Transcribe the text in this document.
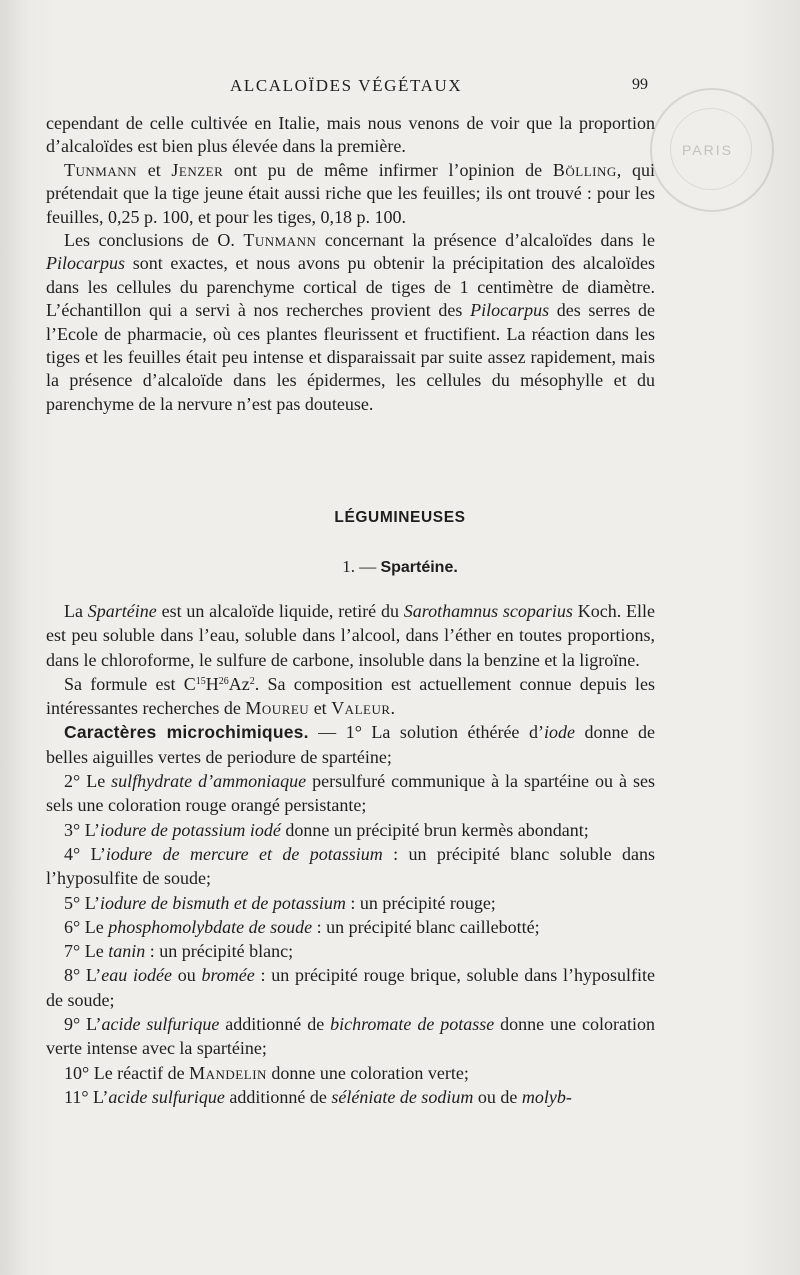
PARIS
ALCALOÏDES VÉGÉTAUX	99

cependant de celle cultivée en Italie, mais nous venons de voir que la proportion d’alcaloïdes est bien plus élevée dans la première.

Tunmann et Jenzer ont pu de même infirmer l’opinion de Bölling, qui prétendait que la tige jeune était aussi riche que les feuilles; ils ont trouvé : pour les feuilles, 0,25 p. 100, et pour les tiges, 0,18 p. 100.

Les conclusions de O. Tunmann concernant la présence d’alcaloïdes dans le Pilocarpus sont exactes, et nous avons pu obtenir la précipitation des alcaloïdes dans les cellules du parenchyme cortical de tiges de 1 centimètre de diamètre. L’échantillon qui a servi à nos recherches provient des Pilocarpus des serres de l’Ecole de pharmacie, où ces plantes fleurissent et fructifient. La réaction dans les tiges et les feuilles était peu intense et disparaissait par suite assez rapidement, mais la présence d’alcaloïde dans les épidermes, les cellules du mésophylle et du parenchyme de la nervure n’est pas douteuse.

LÉGUMINEUSES
1. — Spartéine.

La Spartéine est un alcaloïde liquide, retiré du Sarothamnus scoparius Koch. Elle est peu soluble dans l’eau, soluble dans l’alcool, dans l’éther en toutes proportions, dans le chloroforme, le sulfure de carbone, insoluble dans la benzine et la ligroïne.

Sa formule est $C^{15}H^{26}Az^2$. Sa composition est actuellement connue depuis les intéressantes recherches de Moureu et Valeur.

Caractères microchimiques. — 1° La solution éthérée d’iode donne de belles aiguilles vertes de periodure de spartéine;

2° Le sulfhydrate d’ammoniaque persulfuré communique à la spartéine ou à ses sels une coloration rouge orangé persistante;

3° L’iodure de potassium iodé donne un précipité brun kermès abondant;

4° L’iodure de mercure et de potassium : un précipité blanc soluble dans l’hyposulfite de soude;

5° L’iodure de bismuth et de potassium : un précipité rouge;

6° Le phosphomolybdate de soude : un précipité blanc caillebotté;

7° Le tanin : un précipité blanc;

8° L’eau iodée ou bromée : un précipité rouge brique, soluble dans l’hyposulfite de soude;

9° L’acide sulfurique additionné de bichromate de potasse donne une coloration verte intense avec la spartéine;

10° Le réactif de Mandelin donne une coloration verte;

11° L’acide sulfurique additionné de séléniate de sodium ou de molyb-
